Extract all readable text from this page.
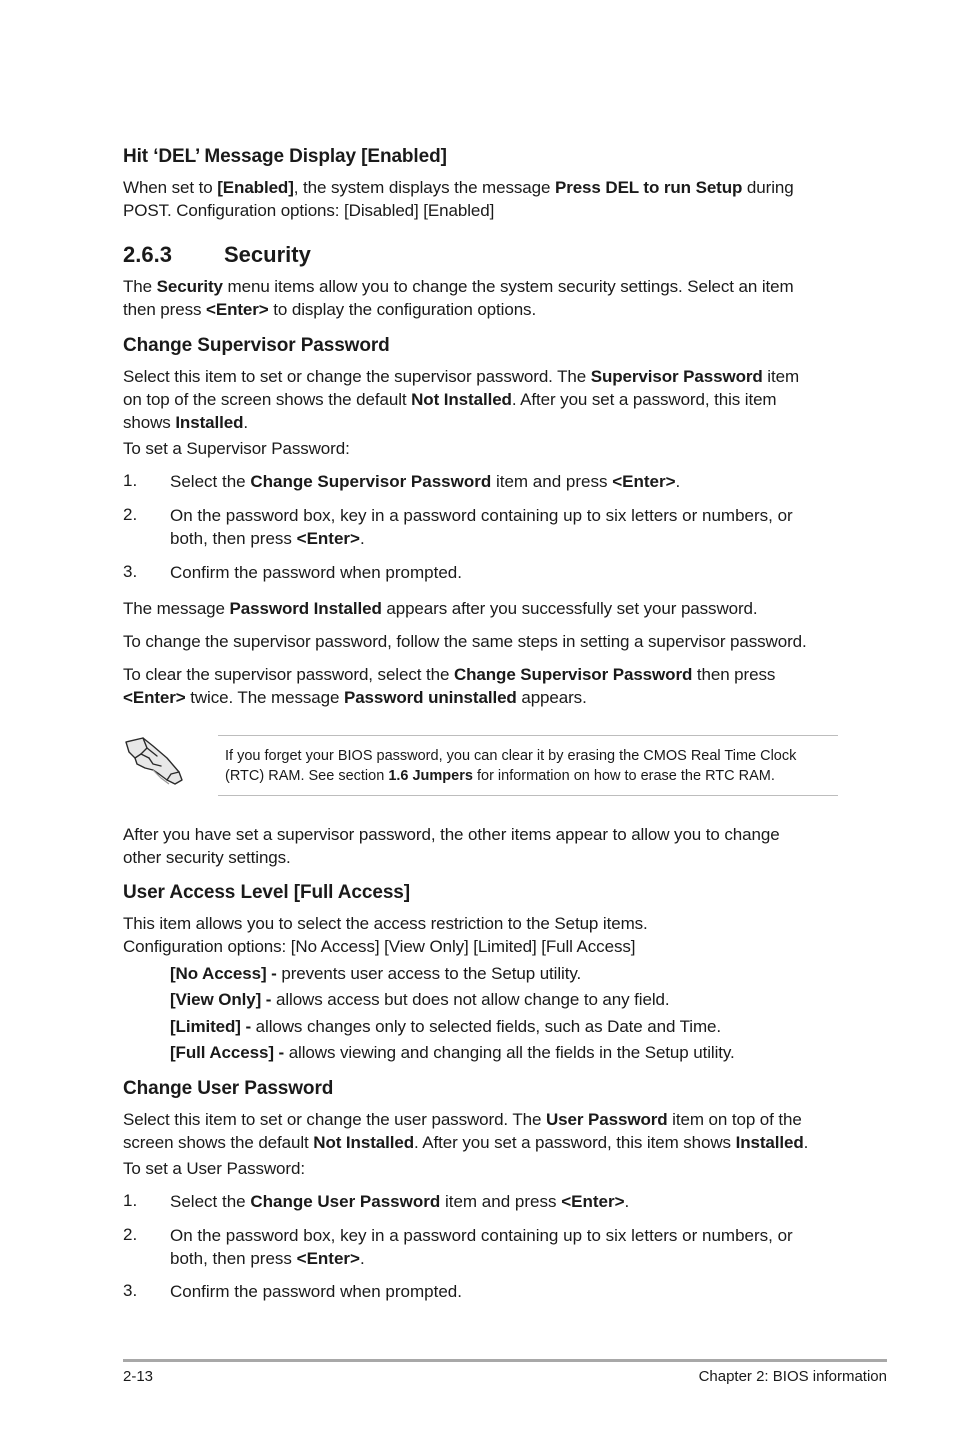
Hit ‘DEL’ Message Display [Enabled]
When set to [Enabled], the system displays the message Press DEL to run Setup during
POST. Configuration options: [Disabled] [Enabled]
2.6.3 Security
The Security menu items allow you to change the system security settings. Select an item
then press <Enter> to display the configuration options.
Change Supervisor Password
Select this item to set or change the supervisor password. The Supervisor Password item
on top of the screen shows the default Not Installed. After you set a password, this item
shows Installed.
To set a Supervisor Password:
1. Select the Change Supervisor Password item and press <Enter>.
2. On the password box, key in a password containing up to six letters or numbers, or
both, then press <Enter>.
3. Confirm the password when prompted.
The message Password Installed appears after you successfully set your password.
To change the supervisor password, follow the same steps in setting a supervisor password.
To clear the supervisor password, select the Change Supervisor Password then press
<Enter> twice. The message Password uninstalled appears.
If you forget your BIOS password, you can clear it by erasing the CMOS Real Time Clock
(RTC) RAM. See section 1.6 Jumpers for information on how to erase the RTC RAM.
After you have set a supervisor password, the other items appear to allow you to change
other security settings.
User Access Level [Full Access]
This item allows you to select the access restriction to the Setup items.
Configuration options: [No Access] [View Only] [Limited] [Full Access]
[No Access] - prevents user access to the Setup utility.
[View Only] - allows access but does not allow change to any field.
[Limited] - allows changes only to selected fields, such as Date and Time.
[Full Access] - allows viewing and changing all the fields in the Setup utility.
Change User Password
Select this item to set or change the user password. The User Password item on top of the
screen shows the default Not Installed. After you set a password, this item shows Installed.
To set a User Password:
1. Select the Change User Password item and press <Enter>.
2. On the password box, key in a password containing up to six letters or numbers, or
both, then press <Enter>.
3. Confirm the password when prompted.
2-13	Chapter 2: BIOS information
